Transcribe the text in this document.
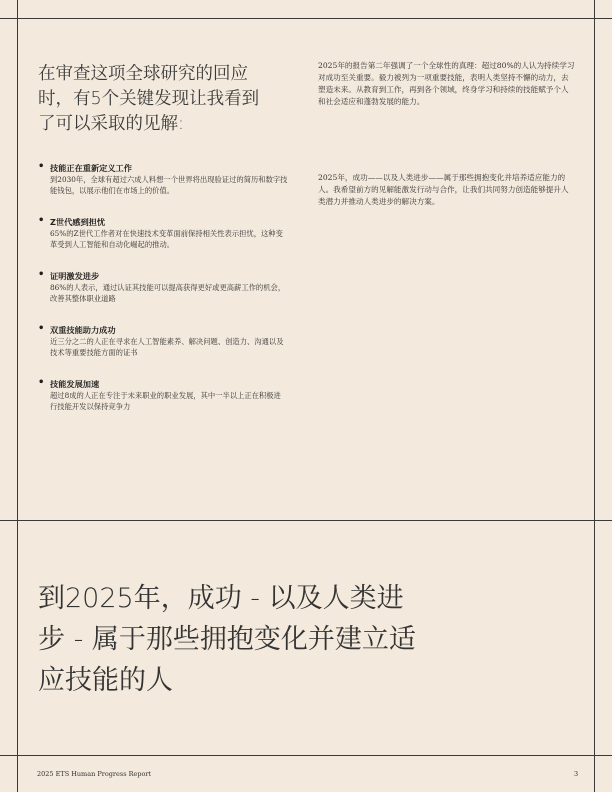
在审查这项全球研究的回应时，有5个关键发现让我看到了可以采取的见解:
• 技能正在重新定义工作
到2030年，全球有超过六成人料想一个世界将出现验证过的简历和数字技能钱包，以展示他们在市场上的价值。
• Z世代感到担忧
65%的Z世代工作者对在快速技术变革面前保持相关性表示担忧，这种变革受到人工智能和自动化崛起的推动。
• 证明激发进步
86%的人表示，通过认证其技能可以提高获得更好或更高薪工作的机会，改善其整体职业道路
• 双重技能助力成功
近三分之二的人正在寻求在人工智能素养、解决问题、创造力、沟通以及技术等重要技能方面的证书
• 技能发展加速
超过8成的人正在专注于未来职业的职业发展，其中一半以上正在积极进行技能开发以保持竞争力

2025年的报告第二年强调了一个全球性的真理：超过80%的人认为持续学习对成功至关重要。毅力被列为一项重要技能，表明人类坚持不懈的动力，去塑造未来。从教育到工作，再到各个领域，终身学习和持续的技能赋予个人和社会适应和蓬勃发展的能力。

2025年，成功——以及人类进步——属于那些拥抱变化并培养适应能力的人。我希望前方的见解能激发行动与合作，让我们共同努力创造能够提升人类潜力并推动人类进步的解决方案。

到2025年，成功 - 以及人类进步 - 属于那些拥抱变化并建立适应技能的人
2025 ETS Human Progress Report	3
